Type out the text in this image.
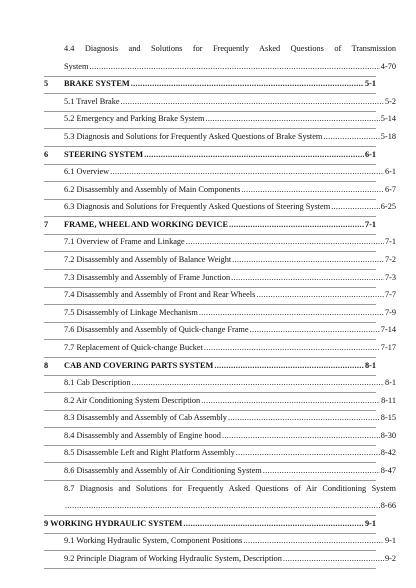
4.4 Diagnosis and Solutions for Frequently Asked Questions of Transmission
System .....	4-70
5	BRAKE SYSTEM .....	5-1
5.1 Travel Brake .....	5-2
5.2 Emergency and Parking Brake System .....	5-14
5.3 Diagnosis and Solutions for Frequently Asked Questions of Brake System .....	5-18
6	STEERING SYSTEM .....	6-1
6.1 Overview .....	6-1
6.2 Disassembly and Assembly of Main Components .....	6-7
6.3 Diagnosis and Solutions for Frequently Asked Questions of Steering System .....	6-25
7	FRAME, WHEEL AND WORKING DEVICE .....	7-1
7.1 Overview of Frame and Linkage .....	7-1
7.2 Disassembly and Assembly of Balance Weight .....	7-2
7.3 Disassembly and Assembly of Frame Junction .....	7-3
7.4 Disassembly and Assembly of Front and Rear Wheels .....	7-7
7.5 Disassembly of Linkage Mechanism .....	7-9
7.6 Disassembly and Assembly of Quick-change Frame .....	7-14
7.7 Replacement of Quick-change Bucket .....	7-17
8	CAB AND COVERING PARTS SYSTEM .....	8-1
8.1 Cab Description .....	8-1
8.2 Air Conditioning System Description .....	8-11
8.3 Disassembly and Assembly of Cab Assembly .....	8-15
8.4 Disassembly and Assembly of Engine hood .....	8-30
8.5 Disassemble Left and Right Platform Assembly .....	8-42
8.6 Disassembly and Assembly of Air Conditioning System .....	8-47
8.7 Diagnosis and Solutions for Frequently Asked Questions of Air Conditioning System
.....
8-66
9 WORKING HYDRAULIC SYSTEM .....	9-1
9.1 Working Hydraulic System, Component Positions .....	9-1
9.2 Principle Diagram of Working Hydraulic System, Description .....	9-2
